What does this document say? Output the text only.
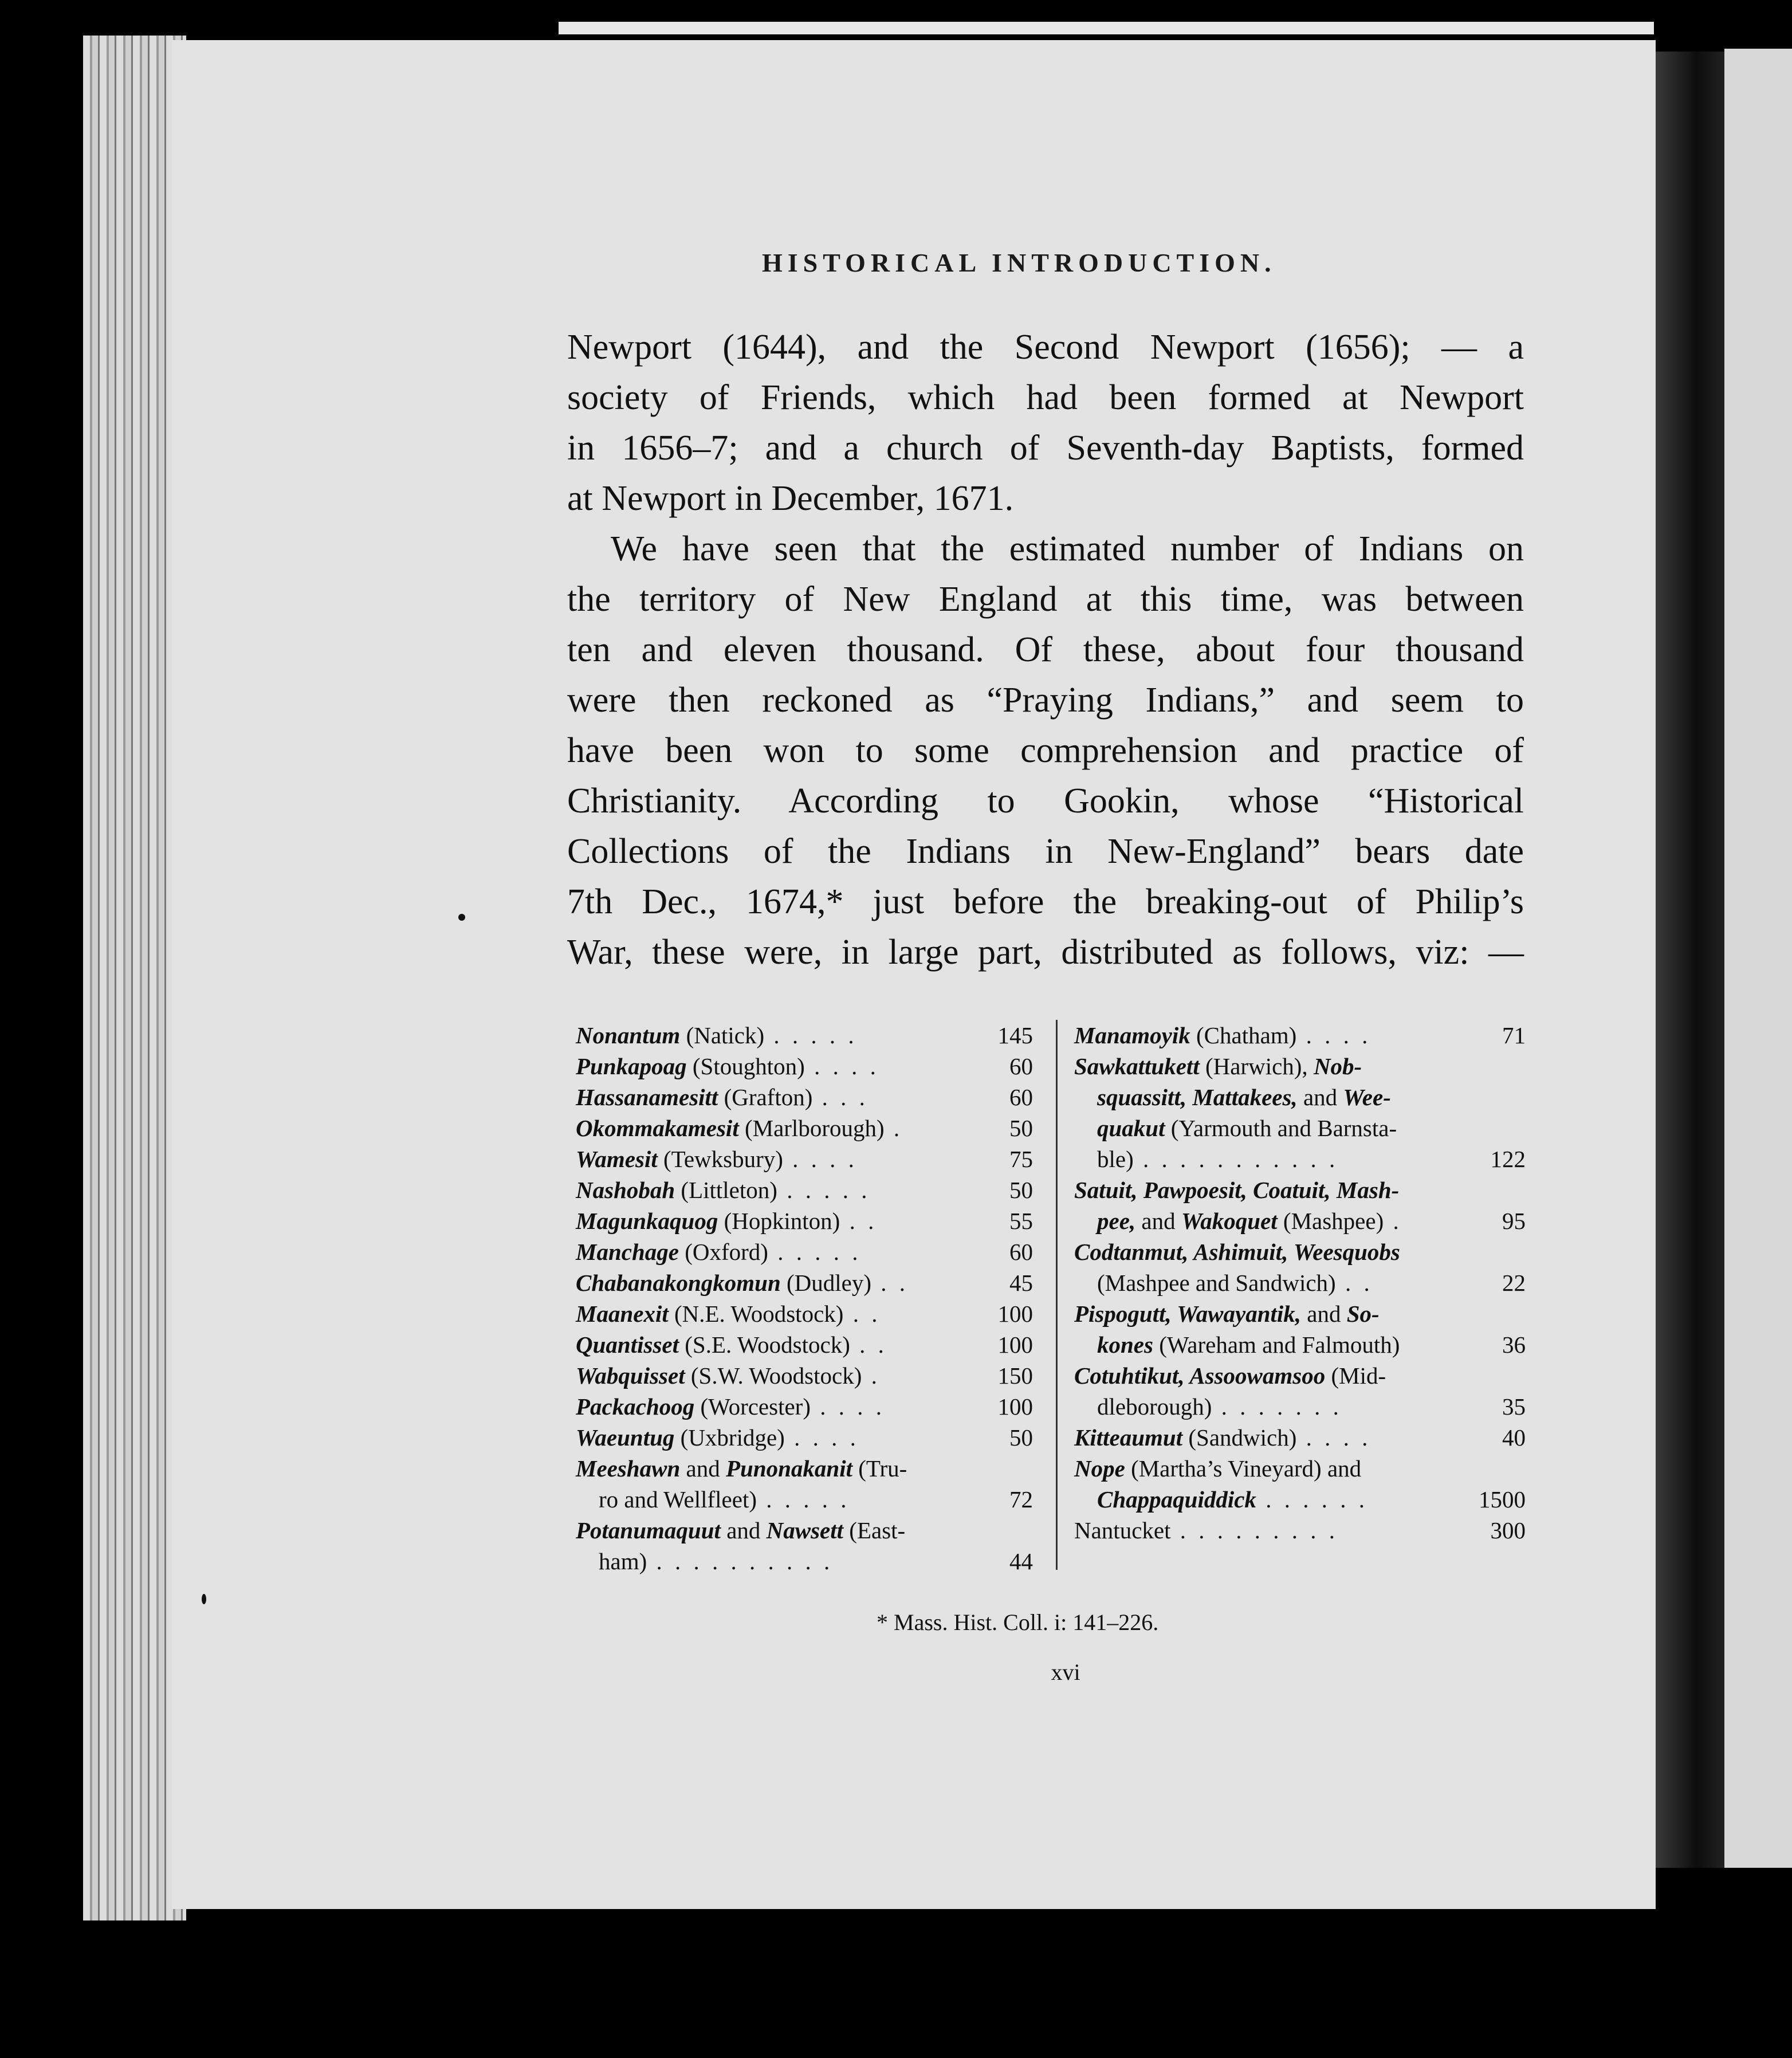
HISTORICAL INTRODUCTION.
Newport (1644), and the Second Newport (1656); — a
society of Friends, which had been formed at Newport
in 1656–7; and a church of Seventh-day Baptists, formed
at Newport in December, 1671.
We have seen that the estimated number of Indians on
the territory of New England at this time, was between
ten and eleven thousand. Of these, about four thousand
were then reckoned as “Praying Indians,” and seem to
have been won to some comprehension and practice of
Christianity. According to Gookin, whose “Historical
Collections of the Indians in New-England” bears date
7th Dec., 1674,* just before the breaking-out of Philip’s
War, these were, in large part, distributed as follows, viz: —
Nonantum (Natick) . . . . .	145
Punkapoag (Stoughton) . . . .	60
Hassanamesitt (Grafton) . . .	60
Okommakamesit (Marlborough) .	50
Wamesit (Tewksbury) . . . .	75
Nashobah (Littleton) . . . . .	50
Magunkaquog (Hopkinton) . .	55
Manchage (Oxford) . . . . .	60
Chabanakongkomun (Dudley) . .	45
Maanexit (N.E. Woodstock) . .	100
Quantisset (S.E. Woodstock) . .	100
Wabquisset (S.W. Woodstock) .	150
Packachoog (Worcester) . . . .	100
Waeuntug (Uxbridge) . . . .	50
Meeshawn and Punonakanit (Tru-
ro and Wellfleet) . . . . .	72
Potanumaquut and Nawsett (East-
ham) . . . . . . . . . .	44
Manamoyik (Chatham) . . . .	71
Sawkattukett (Harwich), Nob-
squassitt, Mattakees, and Wee-
quakut (Yarmouth and Barnsta-
ble) . . . . . . . . . . .	122
Satuit, Pawpoesit, Coatuit, Mash-
pee, and Wakoquet (Mashpee) .	95
Codtanmut, Ashimuit, Weesquobs
(Mashpee and Sandwich) . .	22
Pispogutt, Wawayantik, and So-
kones (Wareham and Falmouth)	36
Cotuhtikut, Assoowamsoo (Mid-
dleborough) . . . . . . .	35
Kitteaumut (Sandwich) . . . .	40
Nope (Martha’s Vineyard) and
Chappaquiddick . . . . . .	1500
Nantucket . . . . . . . . .	300
* Mass. Hist. Coll. i: 141–226.
xvi
